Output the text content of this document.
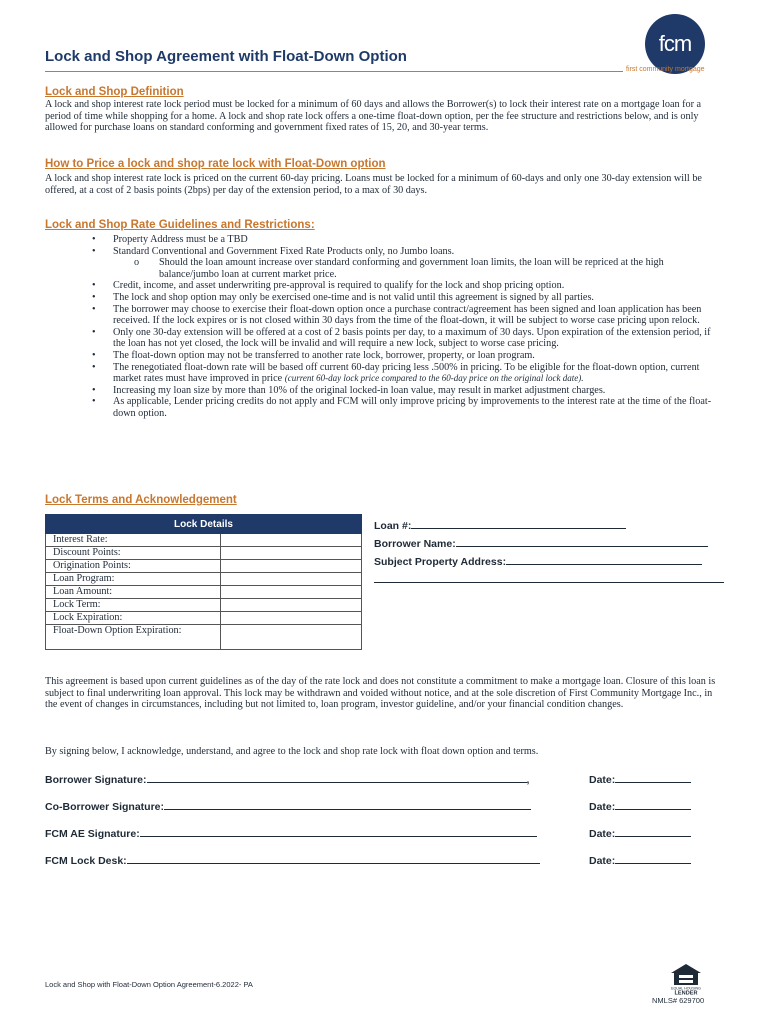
fcm
first community mortgage
Lock and Shop Agreement with Float-Down Option
Lock and Shop Definition
A lock and shop interest rate lock period must be locked for a minimum of 60 days and allows the Borrower(s) to lock their interest rate on a mortgage loan for a period of time while shopping for a home. A lock and shop rate lock offers a one-time float-down option, per the fee structure and restrictions below, and is only allowed for purchase loans on standard conforming and government fixed rates of 15, 20, and 30-year terms.
How to Price a lock and shop rate lock with Float-Down option
A lock and shop interest rate lock is priced on the current 60-day pricing. Loans must be locked for a minimum of 60-days and only one 30-day extension will be offered, at a cost of 2 basis points (2bps) per day of the extension period, to a max of 30 days.
Lock and Shop Rate Guidelines and Restrictions:
• Property Address must be a TBD
• Standard Conventional and Government Fixed Rate Products only, no Jumbo loans.
o Should the loan amount increase over standard conforming and government loan limits, the loan will be repriced at the high balance/jumbo loan at current market price.
• Credit, income, and asset underwriting pre-approval is required to qualify for the lock and shop pricing option.
• The lock and shop option may only be exercised one-time and is not valid until this agreement is signed by all parties.
• The borrower may choose to exercise their float-down option once a purchase contract/agreement has been signed and loan application has been received. If the lock expires or is not closed within 30 days from the time of the float-down, it will be subject to worse case pricing upon relock.
• Only one 30-day extension will be offered at a cost of 2 basis points per day, to a maximum of 30 days. Upon expiration of the extension period, if the loan has not yet closed, the lock will be invalid and will require a new lock, subject to worse case pricing.
• The float-down option may not be transferred to another rate lock, borrower, property, or loan program.
• The renegotiated float-down rate will be based off current 60-day pricing less .500% in pricing. To be eligible for the float-down option, current market rates must have improved in price (current 60-day lock price compared to the 60-day price on the original lock date).
• Increasing my loan size by more than 10% of the original locked-in loan value, may result in market adjustment charges.
• As applicable, Lender pricing credits do not apply and FCM will only improve pricing by improvements to the interest rate at the time of the float-down option.
Lock Terms and Acknowledgement
Lock Details	
Interest Rate:	
Discount Points:	
Origination Points:	
Loan Program:	
Loan Amount:	
Lock Term:	
Lock Expiration:	
Float-Down Option Expiration:	
Loan #:
Borrower Name:
Subject Property Address:
This agreement is based upon current guidelines as of the day of the rate lock and does not constitute a commitment to make a mortgage loan. Closure of this loan is subject to final underwriting loan approval. This lock may be withdrawn and voided without notice, and at the sole discretion of First Community Mortgage Inc., in the event of changes in circumstances, including but not limited to, loan program, investor guideline, and/or your financial condition changes.
By signing below, I acknowledge, understand, and agree to the lock and shop rate lock with float down option and terms.
Borrower Signature:	,	Date:
Co-Borrower Signature:	Date:
FCM AE Signature:	Date:
FCM Lock Desk:	Date:
Lock and Shop with Float-Down Option Agreement-6.2022- PA	EQUAL HOUSING
LENDER
NMLS# 629700
